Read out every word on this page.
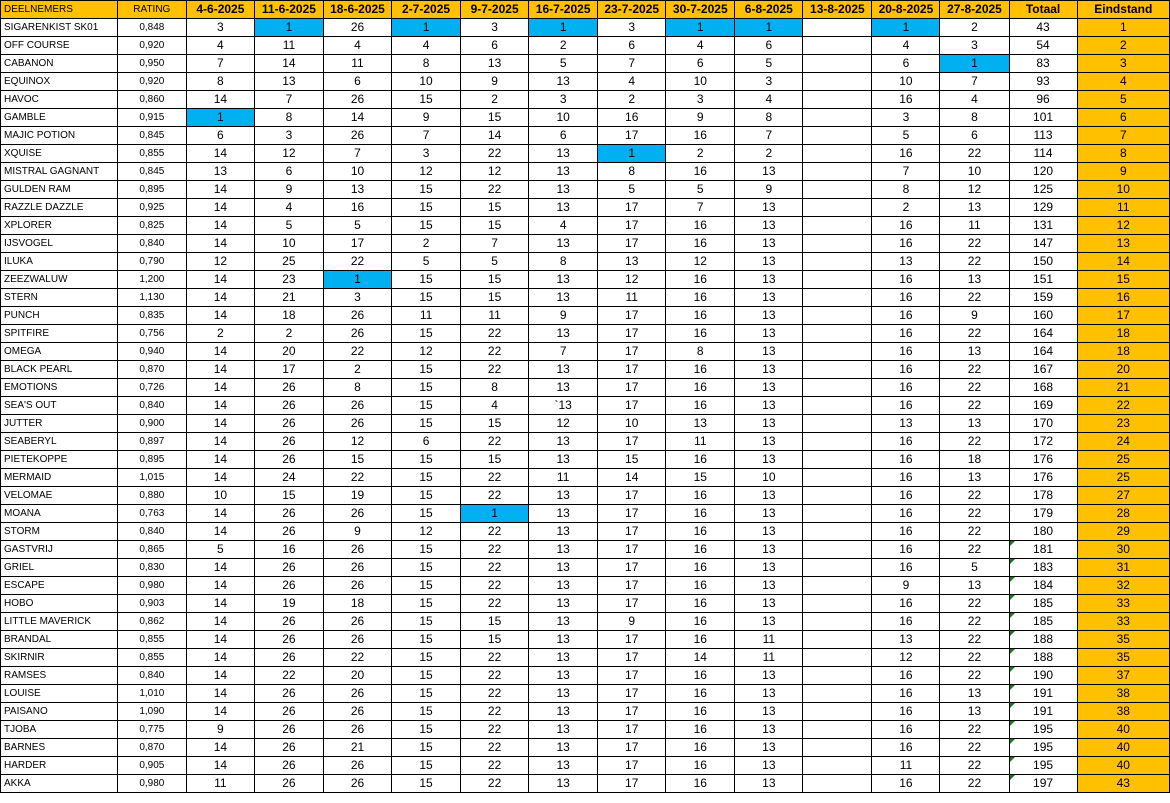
DEELNEMERS	RATING	4-6-2025	11-6-2025	18-6-2025	2-7-2025	9-7-2025	16-7-2025	23-7-2025	30-7-2025	6-8-2025	13-8-2025	20-8-2025	27-8-2025	Totaal	Eindstand
SIGARENKIST SK01	0,848	3	1	26	1	3	1	3	1	1		1	2	43	1
OFF COURSE	0,920	4	11	4	4	6	2	6	4	6		4	3	54	2
CABANON	0,950	7	14	11	8	13	5	7	6	5		6	1	83	3
EQUINOX	0,920	8	13	6	10	9	13	4	10	3		10	7	93	4
HAVOC	0,860	14	7	26	15	2	3	2	3	4		16	4	96	5
GAMBLE	0,915	1	8	14	9	15	10	16	9	8		3	8	101	6
MAJIC POTION	0,845	6	3	26	7	14	6	17	16	7		5	6	113	7
XQUISE	0,855	14	12	7	3	22	13	1	2	2		16	22	114	8
MISTRAL GAGNANT	0,845	13	6	10	12	12	13	8	16	13		7	10	120	9
GULDEN RAM	0,895	14	9	13	15	22	13	5	5	9		8	12	125	10
RAZZLE DAZZLE	0,925	14	4	16	15	15	13	17	7	13		2	13	129	11
XPLORER	0,825	14	5	5	15	15	4	17	16	13		16	11	131	12
IJSVOGEL	0,840	14	10	17	2	7	13	17	16	13		16	22	147	13
ILUKA	0,790	12	25	22	5	5	8	13	12	13		13	22	150	14
ZEEZWALUW	1,200	14	23	1	15	15	13	12	16	13		16	13	151	15
STERN	1,130	14	21	3	15	15	13	11	16	13		16	22	159	16
PUNCH	0,835	14	18	26	11	11	9	17	16	13		16	9	160	17
SPITFIRE	0,756	2	2	26	15	22	13	17	16	13		16	22	164	18
OMEGA	0,940	14	20	22	12	22	7	17	8	13		16	13	164	18
BLACK PEARL	0,870	14	17	2	15	22	13	17	16	13		16	22	167	20
EMOTIONS	0,726	14	26	8	15	8	13	17	16	13		16	22	168	21
SEA'S OUT	0,840	14	26	26	15	4	`13	17	16	13		16	22	169	22
JUTTER	0,900	14	26	26	15	15	12	10	13	13		13	13	170	23
SEABERYL	0,897	14	26	12	6	22	13	17	11	13		16	22	172	24
PIETEKOPPE	0,895	14	26	15	15	15	13	15	16	13		16	18	176	25
MERMAID	1,015	14	24	22	15	22	11	14	15	10		16	13	176	25
VELOMAE	0,880	10	15	19	15	22	13	17	16	13		16	22	178	27
MOANA	0,763	14	26	26	15	1	13	17	16	13		16	22	179	28
STORM	0,840	14	26	9	12	22	13	17	16	13		16	22	180	29
GASTVRIJ	0,865	5	16	26	15	22	13	17	16	13		16	22	181	30
GRIEL	0,830	14	26	26	15	22	13	17	16	13		16	5	183	31
ESCAPE	0,980	14	26	26	15	22	13	17	16	13		9	13	184	32
HOBO	0,903	14	19	18	15	22	13	17	16	13		16	22	185	33
LITTLE MAVERICK	0,862	14	26	26	15	15	13	9	16	13		16	22	185	33
BRANDAL	0,855	14	26	26	15	15	13	17	16	11		13	22	188	35
SKIRNIR	0,855	14	26	22	15	22	13	17	14	11		12	22	188	35
RAMSES	0,840	14	22	20	15	22	13	17	16	13		16	22	190	37
LOUISE	1,010	14	26	26	15	22	13	17	16	13		16	13	191	38
PAISANO	1,090	14	26	26	15	22	13	17	16	13		16	13	191	38
TJOBA	0,775	9	26	26	15	22	13	17	16	13		16	22	195	40
BARNES	0,870	14	26	21	15	22	13	17	16	13		16	22	195	40
HARDER	0,905	14	26	26	15	22	13	17	16	13		11	22	195	40
AKKA	0,980	11	26	26	15	22	13	17	16	13		16	22	197	43
